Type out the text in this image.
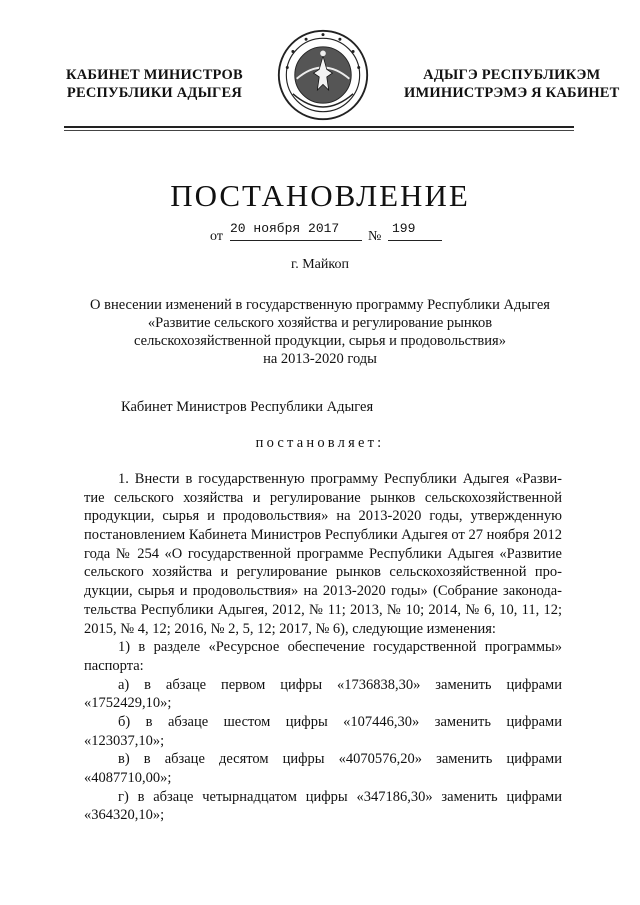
КАБИНЕТ МИНИСТРОВ
РЕСПУБЛИКИ АДЫГЕЯ
АДЫГЭ РЕСПУБЛИКЭМ
ИМИНИСТРЭМЭ Я КАБИНЕТ
ПОСТАНОВЛЕНИЕ
от
20 ноября 2017
№
199
г. Майкоп
О внесении изменений в государственную программу Республики Адыгея
«Развитие сельского хозяйства и регулирование рынков
сельскохозяйственной продукции, сырья и продовольствия»
на 2013-2020 годы
Кабинет Министров Республики Адыгея
постановляет:
1. Внести в государственную программу Республики Адыгея «Разви-
тие сельского хозяйства и регулирование рынков сельскохозяйственной
продукции, сырья и продовольствия» на 2013-2020 годы, утвержденную
постановлением Кабинета Министров Республики Адыгея от 27 ноября 2012
года № 254 «О государственной программе Республики Адыгея «Развитие
сельского хозяйства и регулирование рынков сельскохозяйственной про-
дукции, сырья и продовольствия» на 2013-2020 годы» (Собрание законода-
тельства Республики Адыгея, 2012, № 11; 2013, № 10; 2014, № 6, 10, 11, 12;
2015, № 4, 12; 2016, № 2, 5, 12; 2017, № 6), следующие изменения:
1) в разделе «Ресурсное обеспечение государственной программы»
паспорта:
а) в абзаце первом цифры «1736838,30» заменить цифрами
«1752429,10»;
б) в абзаце шестом цифры «107446,30» заменить цифрами
«123037,10»;
в) в абзаце десятом цифры «4070576,20» заменить цифрами
«4087710,00»;
г) в абзаце четырнадцатом цифры «347186,30» заменить цифрами
«364320,10»;
